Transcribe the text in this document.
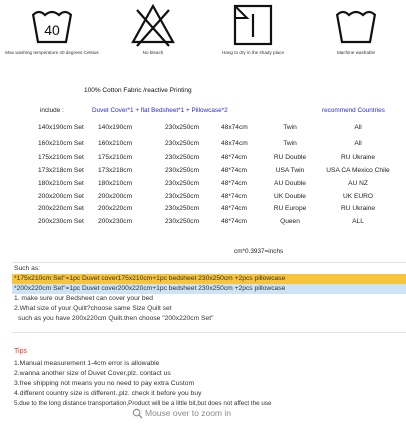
40
Max washing temperature 40 degrees Celsius	No bleach	Hang to dry in the shady place	Machine washable
100% Cotton Fabric /reactive Printing
include :	Duvet Cover*1 + flat Bedsheet*1 + Pillowcase*2	recommend Countries
140x190cm Set 140x190cm	230x250cm	48x74cm	Twin	All
160x210cm Set 160x210cm	230x250cm	48x74cm	Twin	All
175x210cm Set 175x210cm	230x250cm	48*74cm	RU Double	RU Ukraine
173x218cm Set 173x218cm	230x250cm	48*74cm	USA Twin	USA CA Mexico Chile
180x210cm Set 180x210cm	230x250cm	48*74cm	AU Double	AU NZ
200x200cm Set 200x200cm	230x250cm	48*74cm	UK Double	UK EURO
200x220cm Set 200x220cm	230x250cm	48*74cm	RU Europe	RU Ukraine
200x230cm Set 200x230cm	230x250cm	48*74cm	Queen	ALL
cm*0.3937=inchs
Such as:
*175x210cm Set"=1pc Duvet cover175x210cm+1pc bedsheet 230x250cm +2pcs pillowcase
*200x220cm Set"=1pc Duvet cover200x220cm+1pc bedsheet 230x250cm +2pcs pillowcase
1. make sure our Bedsheet can cover your bed
2.What size of your Quilt?choose same Size Quilt set
such as you have 200x220cm Quilt.then choose "200x220cm Set"
Tips
1.Manual measurement 1-4cm error is allowable
2.wanna another size of Duvet Cover,plz. contact us
3.free shipping not means you no need to pay extra Custom
4.different country size is different.,plz. check it before you buy
5.due to the long distance transportation,Product will be a little bit,but does not affect the use
Mouse over to zoom in
